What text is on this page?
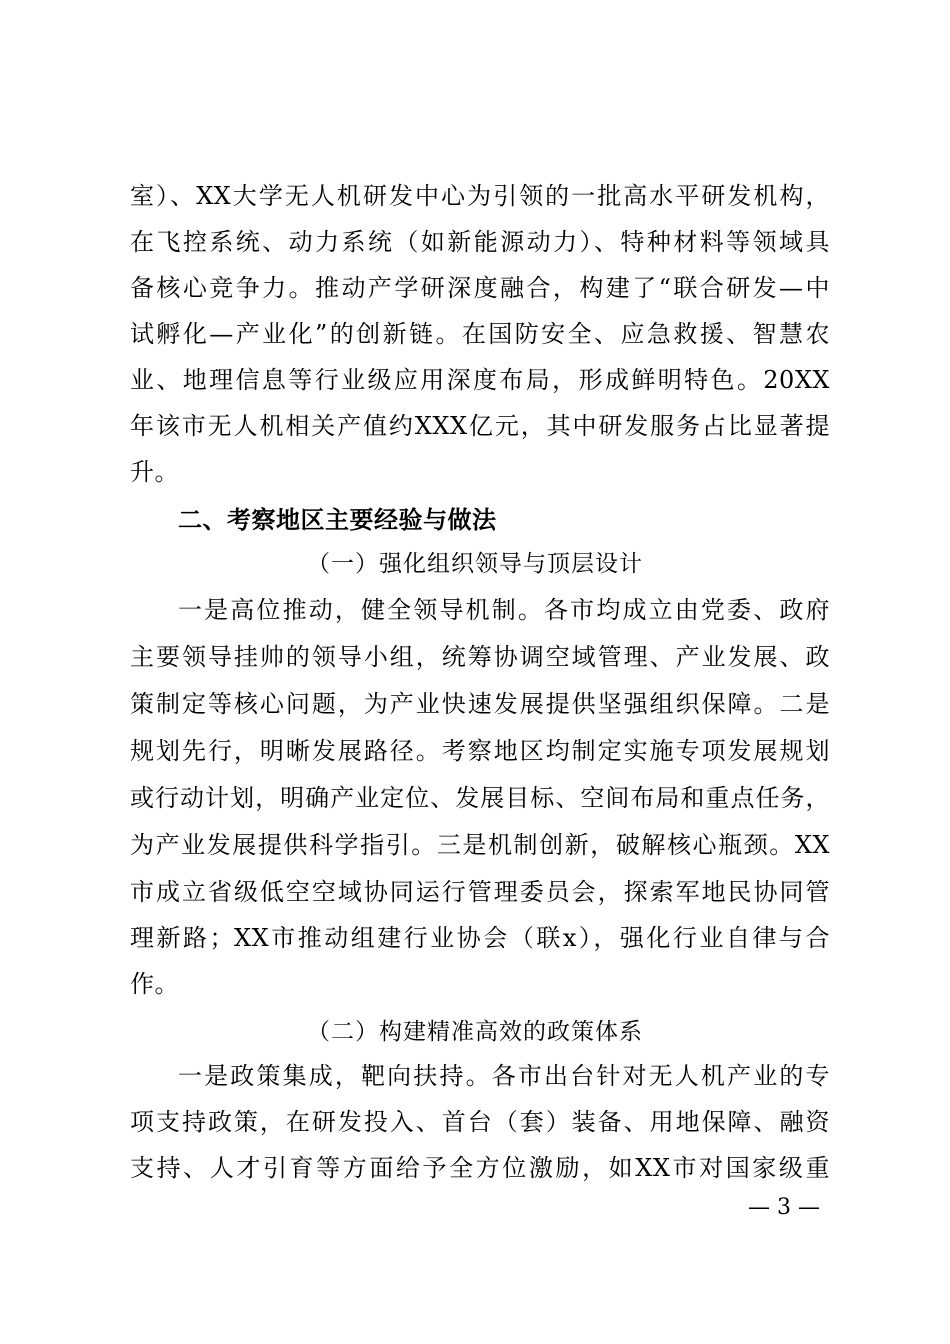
室）、XX大学无人机研发中心为引领的一批高水平研发机构，
在飞控系统、动力系统（如新能源动力）、特种材料等领域具
备核心竞争力。推动产学研深度融合，构建了“联合研发—中
试孵化—产业化”的创新链。在国防安全、应急救援、智慧农
业、地理信息等行业级应用深度布局，形成鲜明特色。20XX
年该市无人机相关产值约XXX亿元，其中研发服务占比显著提
升。
二、考察地区主要经验与做法
（一）强化组织领导与顶层设计
一是高位推动，健全领导机制。各市均成立由党委、政府
主要领导挂帅的领导小组，统筹协调空域管理、产业发展、政
策制定等核心问题，为产业快速发展提供坚强组织保障。二是
规划先行，明晰发展路径。考察地区均制定实施专项发展规划
或行动计划，明确产业定位、发展目标、空间布局和重点任务，
为产业发展提供科学指引。三是机制创新，破解核心瓶颈。XX
市成立省级低空空域协同运行管理委员会，探索军地民协同管
理新路；XX市推动组建行业协会（联x），强化行业自律与合
作。
（二）构建精准高效的政策体系
一是政策集成，靶向扶持。各市出台针对无人机产业的专
项支持政策，在研发投入、首台（套）装备、用地保障、融资
支持、人才引育等方面给予全方位激励，如XX市对国家级重
— 3 —
